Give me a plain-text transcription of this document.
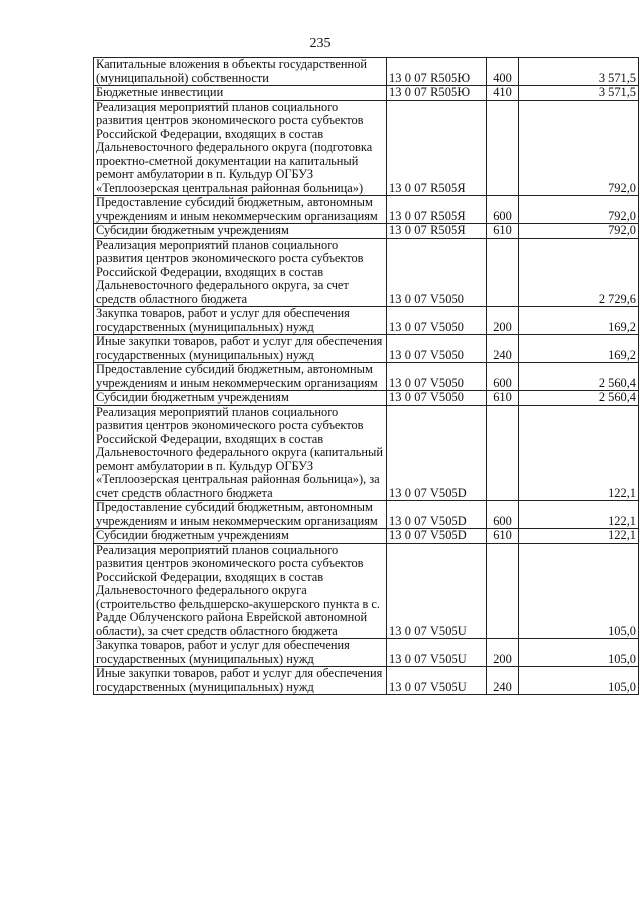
235
Капитальные вложения в объекты государственной (муниципальной) собственности	13 0 07 R505Ю	400	3 571,5
Бюджетные инвестиции	13 0 07 R505Ю	410	3 571,5
Реализация мероприятий планов социального развития центров экономического роста субъектов Российской Федерации, входящих в состав Дальневосточного федерального округа (подготовка проектно-сметной документации на капитальный ремонт амбулатории в п. Кульдур ОГБУЗ «Теплоозерская центральная районная больница»)	13 0 07 R505Я		792,0
Предоставление субсидий бюджетным, автономным учреждениям и иным некоммерческим организациям	13 0 07 R505Я	600	792,0
Субсидии бюджетным учреждениям	13 0 07 R505Я	610	792,0
Реализация мероприятий планов социального развития центров экономического роста субъектов Российской Федерации, входящих в состав Дальневосточного федерального округа, за счет средств областного бюджета	13 0 07 V5050		2 729,6
Закупка товаров, работ и услуг для обеспечения государственных (муниципальных) нужд	13 0 07 V5050	200	169,2
Иные закупки товаров, работ и услуг для обеспечения государственных (муниципальных) нужд	13 0 07 V5050	240	169,2
Предоставление субсидий бюджетным, автономным учреждениям и иным некоммерческим организациям	13 0 07 V5050	600	2 560,4
Субсидии бюджетным учреждениям	13 0 07 V5050	610	2 560,4
Реализация мероприятий планов социального развития центров экономического роста субъектов Российской Федерации, входящих в состав Дальневосточного федерального округа (капитальный ремонт амбулатории в п. Кульдур ОГБУЗ «Теплоозерская центральная районная больница»), за счет средств областного бюджета	13 0 07 V505D		122,1
Предоставление субсидий бюджетным, автономным учреждениям и иным некоммерческим организациям	13 0 07 V505D	600	122,1
Субсидии бюджетным учреждениям	13 0 07 V505D	610	122,1
Реализация мероприятий планов социального развития центров экономического роста субъектов Российской Федерации, входящих в состав Дальневосточного федерального округа (строительство фельдшерско-акушерского пункта в с. Радде Облученского района Еврейской автономной области), за счет средств областного бюджета	13 0 07 V505U		105,0
Закупка товаров, работ и услуг для обеспечения государственных (муниципальных) нужд	13 0 07 V505U	200	105,0
Иные закупки товаров, работ и услуг для обеспечения государственных (муниципальных) нужд	13 0 07 V505U	240	105,0
